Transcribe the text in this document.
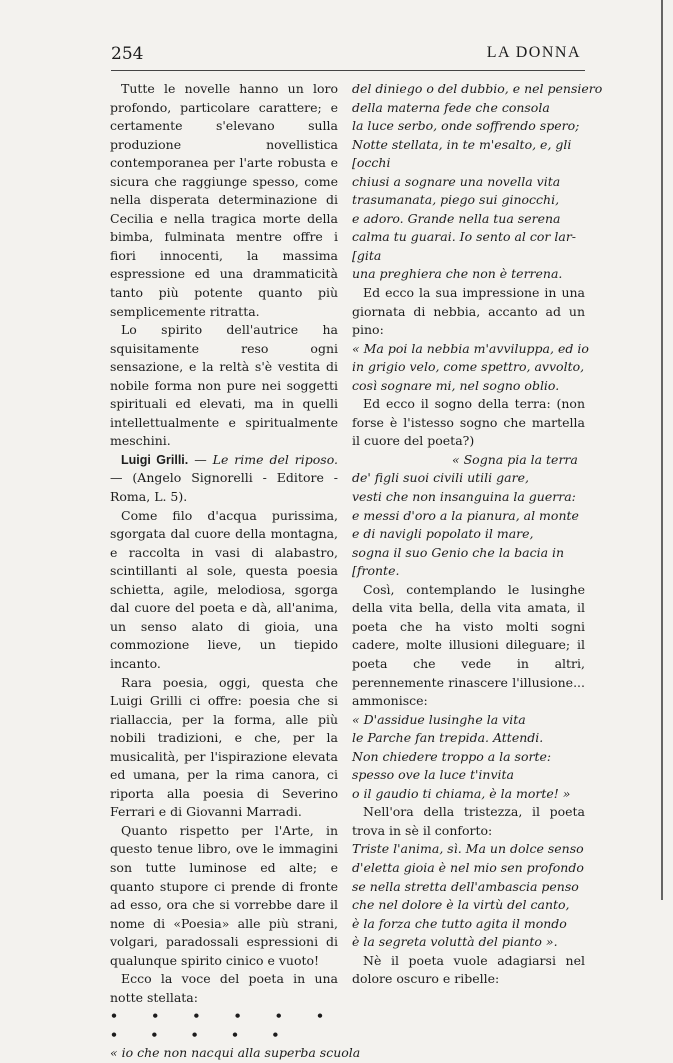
254	LA DONNA

Tutte le novelle hanno un loro profondo, particolare carattere; e certamente s'elevano sulla produzione novellistica contemporanea per l'arte robusta e sicura che raggiunge spesso, come nella disperata determinazione di Cecilia e nella tragica morte della bimba, fulminata mentre offre i fiori innocenti, la massima espressione ed una drammaticità tanto più potente quanto più semplicemente ritratta.

Lo spirito dell'autrice ha squisitamente reso ogni sensazione, e la reltà s'è vestita di nobile forma non pure nei soggetti spirituali ed elevati, ma in quelli intellettualmente e spiritualmente meschini.

Luigi Grilli. — Le rime del riposo. — (Angelo Signorelli - Editore - Roma, L. 5).

Come filo d'acqua purissima, sgorgata dal cuore della montagna, e raccolta in vasi di alabastro, scintillanti al sole, questa poesia schietta, agile, melodiosa, sgorga dal cuore del poeta e dà, all'anima, un senso alato di gioia, una commozione lieve, un tiepido incanto.

Rara poesia, oggi, questa che Luigi Grilli ci offre: poesia che si riallaccia, per la forma, alle più nobili tradizioni, e che, per la musicalità, per l'ispirazione elevata ed umana, per la rima canora, ci riporta alla poesia di Severino Ferrari e di Giovanni Marradi.

Quanto rispetto per l'Arte, in questo tenue libro, ove le immagini son tutte luminose ed alte; e quanto stupore ci prende di fronte ad esso, ora che si vorrebbe dare il nome di «Poesia» alle più strani, volgari, paradossali espressioni di qualunque spirito cinico e vuoto!

Ecco la voce del poeta in una notte stellata:

• • • • • • • • • • •

« io che non nacqui alla superba scuola

del diniego o del dubbio, e nel pensiero

della materna fede che consola

la luce serbo, onde soffrendo spero;

Notte stellata, in te m'esalto, e, gli

[occhi

chiusi a sognare una novella vita

trasumanata, piego sui ginocchi,

e adoro. Grande nella tua serena

calma tu guarai. Io sento al cor lar-

[gita

una preghiera che non è terrena.

Ed ecco la sua impressione in una giornata di nebbia, accanto ad un pino:

« Ma poi la nebbia m'avviluppa, ed io

in grigio velo, come spettro, avvolto,

così sognare mi, nel sogno oblio.

Ed ecco il sogno della terra: (non forse è l'istesso sogno che martella il cuore del poeta?)

« Sogna pia la terra

de' figli suoi civili utili gare,

vesti che non insanguina la guerra:

e messi d'oro a la pianura, al monte

e di navigli popolato il mare,

sogna il suo Genio che la bacia in

[fronte.

Così, contemplando le lusinghe della vita bella, della vita amata, il poeta che ha visto molti sogni cadere, molte illusioni dileguare; il poeta che vede in altri, perennemente rinascere l'illusione... ammonisce:

« D'assidue lusinghe la vita

le Parche fan trepida. Attendi.

Non chiedere troppo a la sorte:

spesso ove la luce t'invita

o il gaudio ti chiama, è la morte! »

Nell'ora della tristezza, il poeta trova in sè il conforto:

Triste l'anima, sì. Ma un dolce senso

d'eletta gioia è nel mio sen profondo

se nella stretta dell'ambascia penso

che nel dolore è la virtù del canto,

è la forza che tutto agita il mondo

è la segreta voluttà del pianto ».

Nè il poeta vuole adagiarsi nel dolore oscuro e ribelle:
